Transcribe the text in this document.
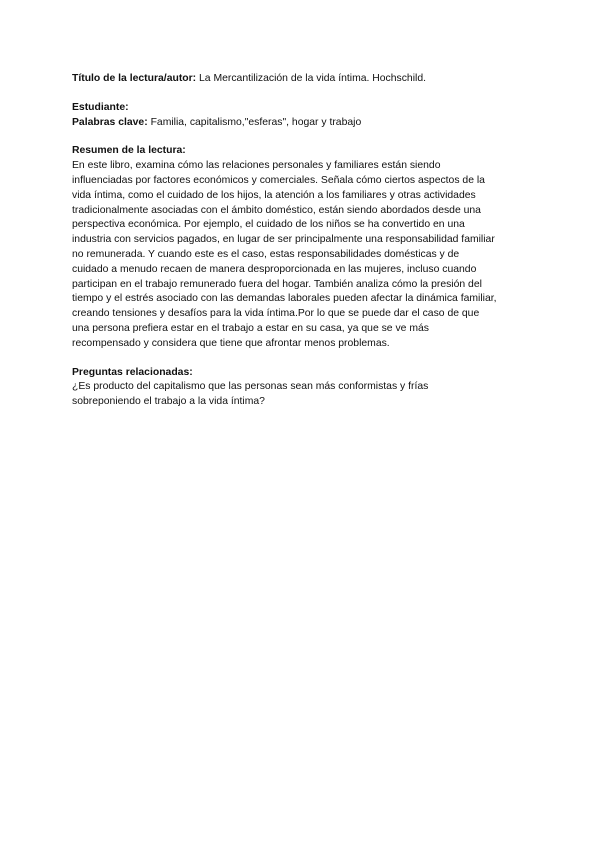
Título de la lectura/autor: La Mercantilización de la vida íntima. Hochschild.
Estudiante:
Palabras clave: Familia, capitalismo,"esferas", hogar y trabajo
Resumen de la lectura:
En este libro, examina cómo las relaciones personales y familiares están siendo
influenciadas por factores económicos y comerciales. Señala cómo ciertos aspectos de la
vida íntima, como el cuidado de los hijos, la atención a los familiares y otras actividades
tradicionalmente asociadas con el ámbito doméstico, están siendo abordados desde una
perspectiva económica. Por ejemplo, el cuidado de los niños se ha convertido en una
industria con servicios pagados, en lugar de ser principalmente una responsabilidad familiar
no remunerada. Y cuando este es el caso, estas responsabilidades domésticas y de
cuidado a menudo recaen de manera desproporcionada en las mujeres, incluso cuando
participan en el trabajo remunerado fuera del hogar. También analiza cómo la presión del
tiempo y el estrés asociado con las demandas laborales pueden afectar la dinámica familiar,
creando tensiones y desafíos para la vida íntima.Por lo que se puede dar el caso de que
una persona prefiera estar en el trabajo a estar en su casa, ya que se ve más
recompensado y considera que tiene que afrontar menos problemas.
Preguntas relacionadas:
¿Es producto del capitalismo que las personas sean más conformistas y frías
sobreponiendo el trabajo a la vida íntima?
